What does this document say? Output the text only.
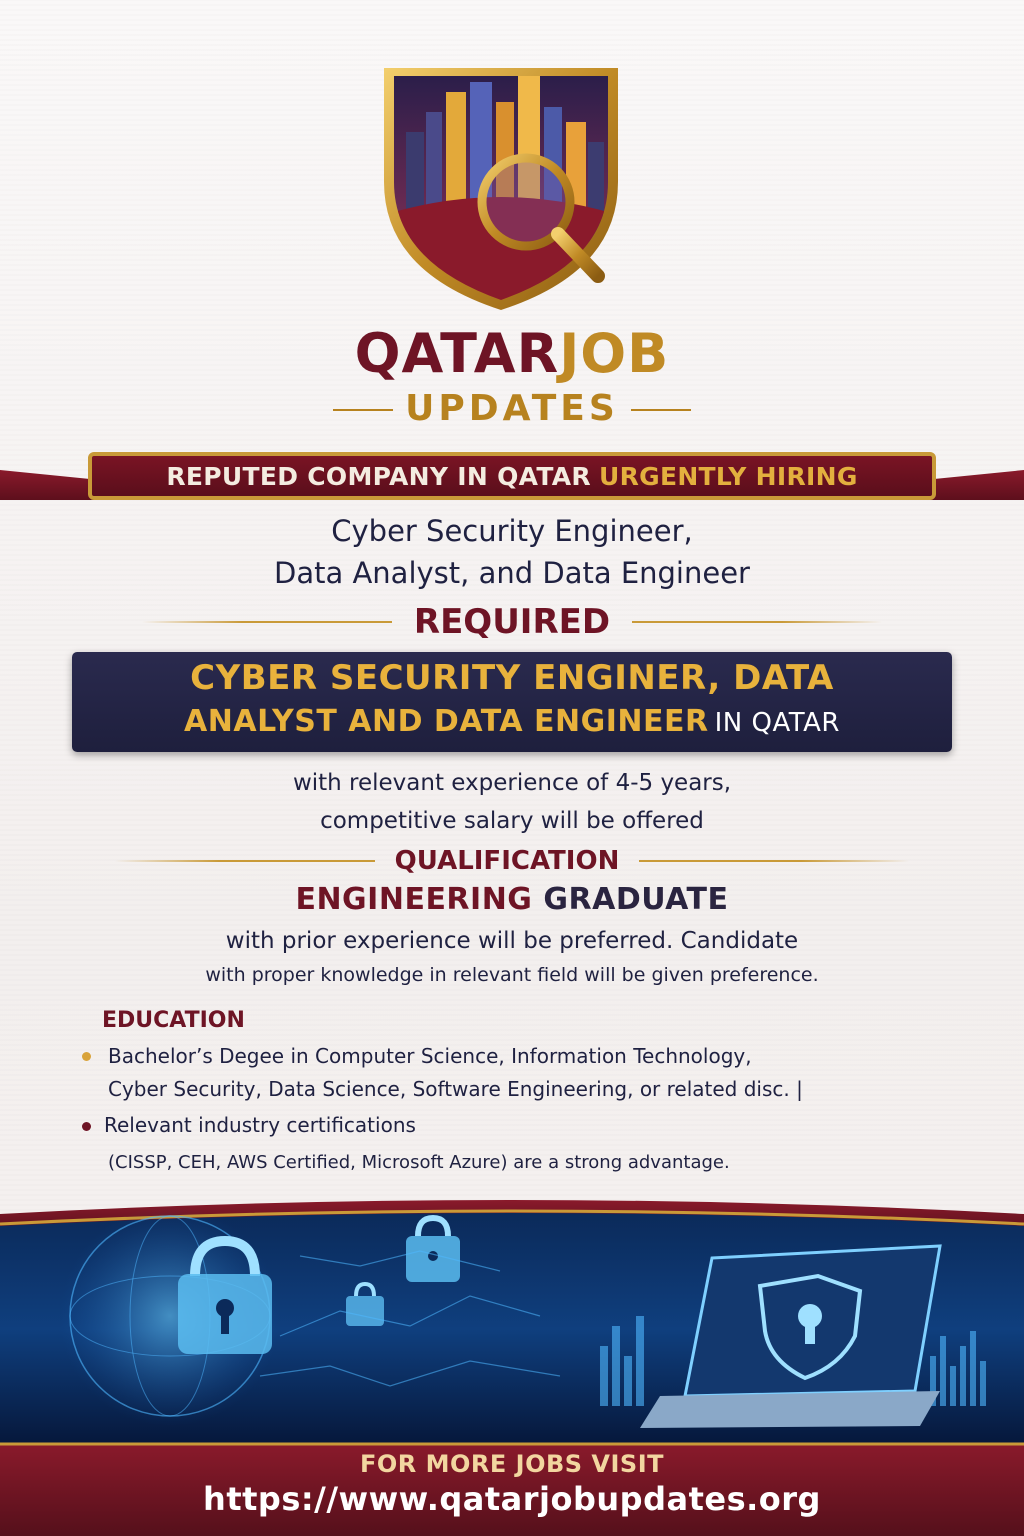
QATARJOB
UPDATES
REPUTED COMPANY IN QATAR URGENTLY HIRING
Cyber Security Engineer,
Data Analyst, and Data Engineer
REQUIRED
CYBER SECURITY ENGINER, DATA
ANALYST AND DATA ENGINEER IN QATAR
with relevant experience of 4-5 years,
competitive salary will be offered
QUALIFICATION
ENGINEERING GRADUATE
with prior experience will be preferred. Candidate
with proper knowledge in relevant field will be given preference.
EDUCATION
Bachelor’s Degee in Computer Science, Information Technology,
Cyber Security, Data Science, Software Engineering, or related disc. |
Relevant industry certifications
(CISSP, CEH, AWS Certified, Microsoft Azure) are a strong advantage.
FOR MORE JOBS VISIT
https://www.qatarjobupdates.org
